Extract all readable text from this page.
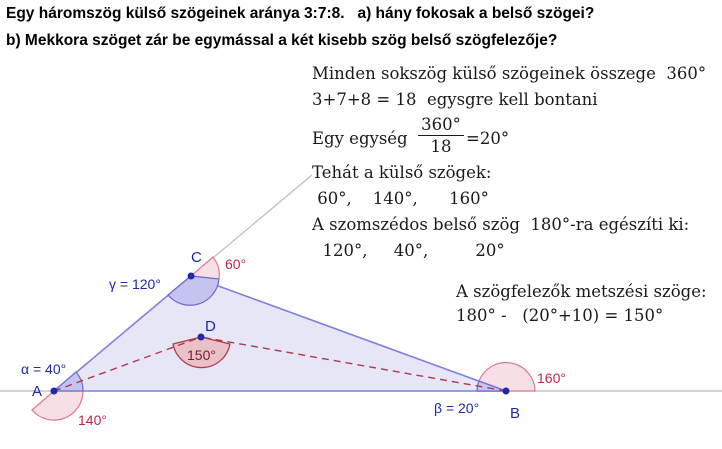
Egy háromszög külső szögeinek aránya 3:7:8.   a) hány fokosak a belső szögei?
b) Mekkora szöget zár be egymással a két kisebb szög belső szögfelezője?
A
B
C
D
α = 40°
β = 20°
γ = 120°
140°
160°
60°
150°
Minden sokszög külső szögeinek összege  360°
3+7+8 = 18  egysgre kell bontani
Egy egység
360°
18 =20°
Tehát a külső szögek:
60°,    140°,      160°
A szomszédos belső szög  180°-ra egészíti ki:
120°,     40°,         20°
A szögfelezők metszési szöge:
180° -   (20°+10) = 150°
